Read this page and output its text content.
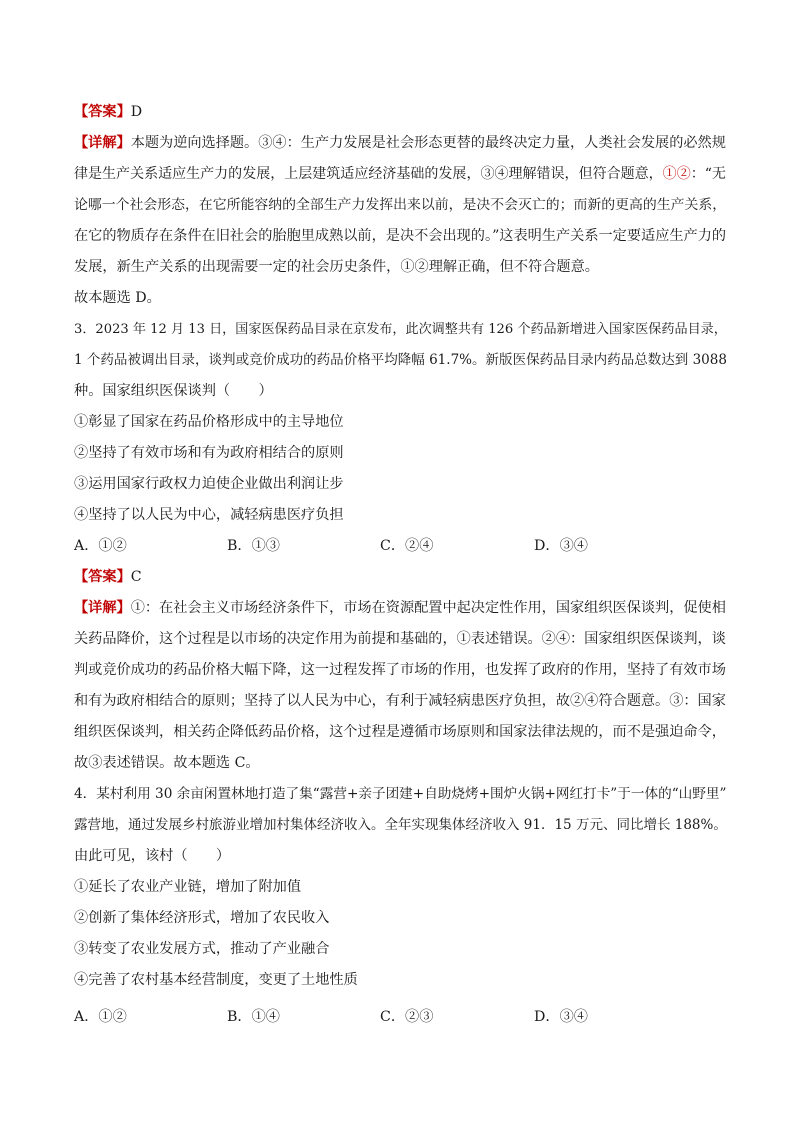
【答案】D
【详解】本题为逆向选择题。③④：生产力发展是社会形态更替的最终决定力量，人类社会发展的必然规
律是生产关系适应生产力的发展，上层建筑适应经济基础的发展，③④理解错误，但符合题意，①②：“无
论哪一个社会形态，在它所能容纳的全部生产力发挥出来以前，是决不会灭亡的；而新的更高的生产关系，
在它的物质存在条件在旧社会的胎胞里成熟以前，是决不会出现的。”这表明生产关系一定要适应生产力的
发展，新生产关系的出现需要一定的社会历史条件，①②理解正确，但不符合题意。
故本题选 D。
3．2023 年 12 月 13 日，国家医保药品目录在京发布，此次调整共有 126 个药品新增进入国家医保药品目录，
1 个药品被调出目录，谈判或竞价成功的药品价格平均降幅 61.7%。新版医保药品目录内药品总数达到 3088
种。国家组织医保谈判（　　）
①彰显了国家在药品价格形成中的主导地位
②坚持了有效市场和有为政府相结合的原则
③运用国家行政权力迫使企业做出利润让步
④坚持了以人民为中心，减轻病患医疗负担
A．①②	B．①③	C．②④	D．③④
【答案】C
【详解】①：在社会主义市场经济条件下，市场在资源配置中起决定性作用，国家组织医保谈判，促使相
关药品降价，这个过程是以市场的决定作用为前提和基础的，①表述错误。②④：国家组织医保谈判，谈
判或竞价成功的药品价格大幅下降，这一过程发挥了市场的作用，也发挥了政府的作用，坚持了有效市场
和有为政府相结合的原则；坚持了以人民为中心，有利于减轻病患医疗负担，故②④符合题意。③：国家
组织医保谈判，相关药企降低药品价格，这个过程是遵循市场原则和国家法律法规的，而不是强迫命令，
故③表述错误。故本题选 C。
4．某村利用 30 余亩闲置林地打造了集“露营+亲子团建+自助烧烤+围炉火锅+网红打卡”于一体的“山野里”
露营地，通过发展乡村旅游业增加村集体经济收入。全年实现集体经济收入 91．15 万元、同比增长 188%。
由此可见，该村（　　）
①延长了农业产业链，增加了附加值
②创新了集体经济形式，增加了农民收入
③转变了农业发展方式，推动了产业融合
④完善了农村基本经营制度，变更了土地性质
A．①②	B．①④	C．②③	D．③④
